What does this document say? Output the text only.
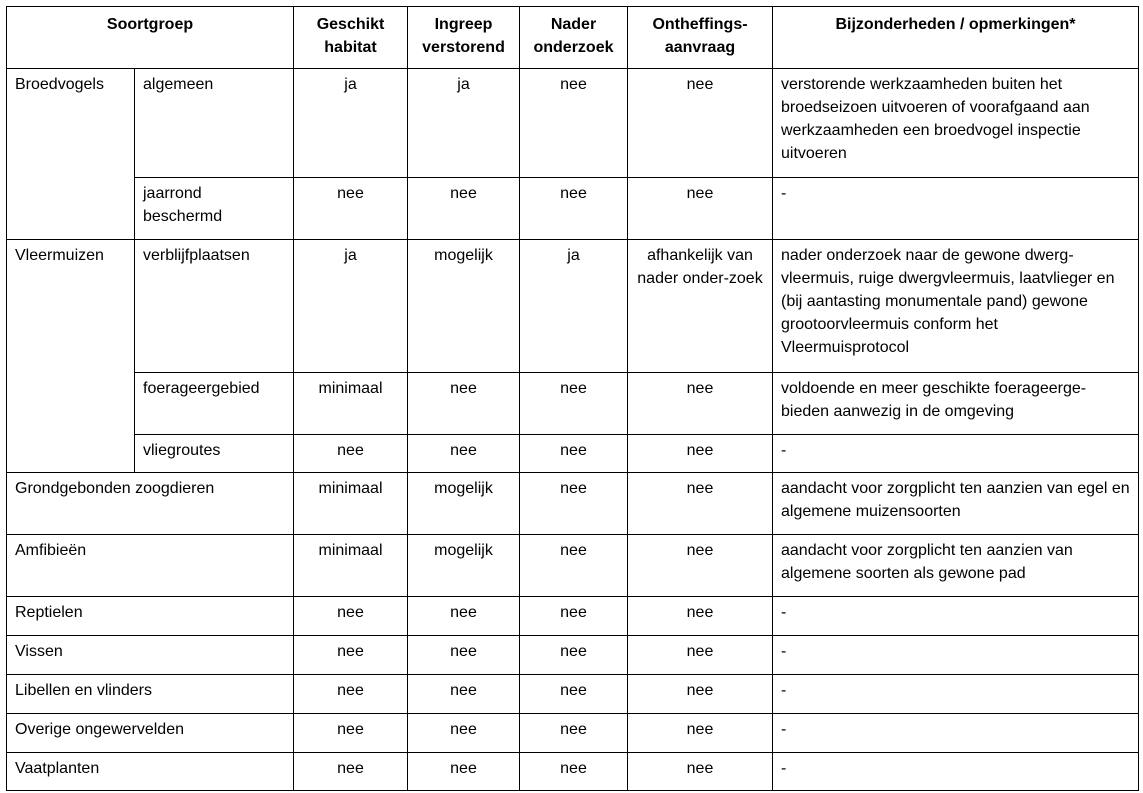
Soortgroep		Geschikt habitat	Ingreep verstorend	Nader onderzoek	Ontheffings-aanvraag	Bijzonderheden / opmerkingen*
Broedvogels	algemeen	ja	ja	nee	nee	verstorende werkzaamheden buiten het broedseizoen uitvoeren of voorafgaand aan werkzaamheden een broedvogel inspectie uitvoeren
	jaarrond beschermd	nee	nee	nee	nee	-
Vleermuizen	verblijfplaatsen	ja	mogelijk	ja	afhankelijk van nader onder-zoek	nader onderzoek naar de gewone dwerg-vleermuis, ruige dwergvleermuis, laatvlieger en (bij aantasting monumentale pand) gewone grootoorvleermuis conform het Vleermuisprotocol
	foerageergebied	minimaal	nee	nee	nee	voldoende en meer geschikte foerageerge-bieden aanwezig in de omgeving
	vliegroutes	nee	nee	nee	nee	-
Grondgebonden zoogdieren		minimaal	mogelijk	nee	nee	aandacht voor zorgplicht ten aanzien van egel en algemene muizensoorten
Amfibieën		minimaal	mogelijk	nee	nee	aandacht voor zorgplicht ten aanzien van algemene soorten als gewone pad
Reptielen		nee	nee	nee	nee	-
Vissen		nee	nee	nee	nee	-
Libellen en vlinders		nee	nee	nee	nee	-
Overige ongewervelden		nee	nee	nee	nee	-
Vaatplanten		nee	nee	nee	nee	-
